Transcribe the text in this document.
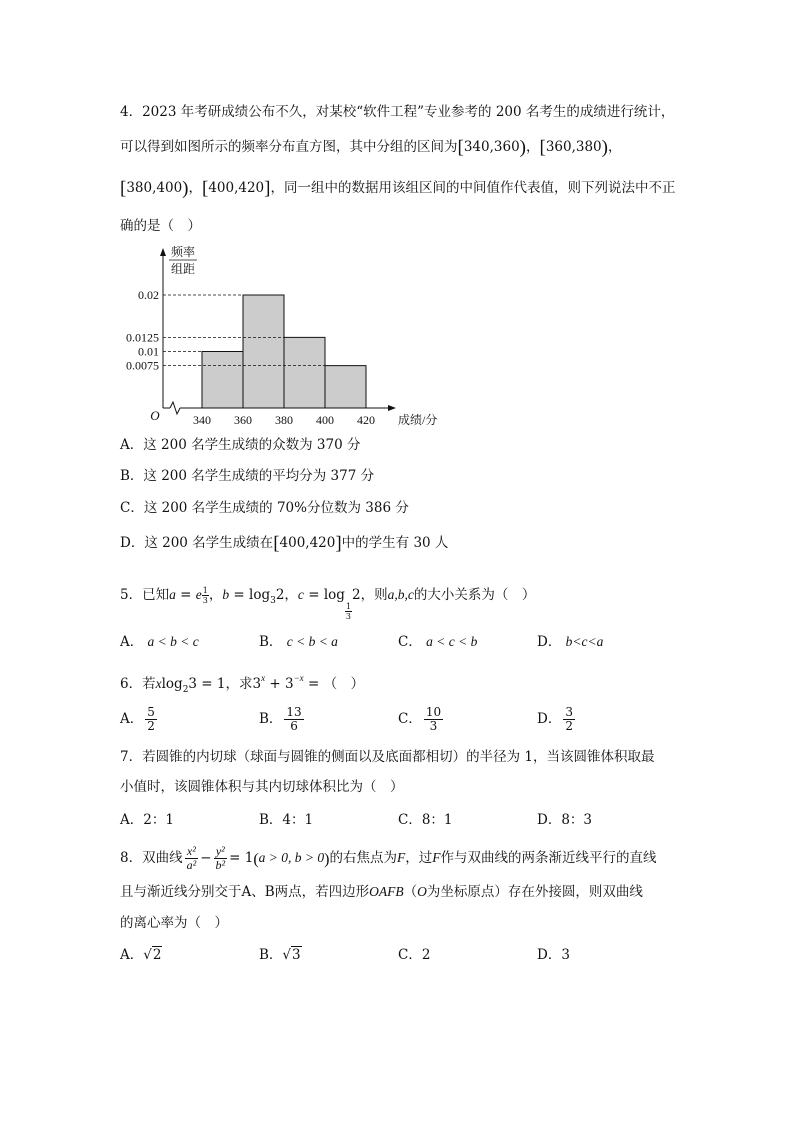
4．2023 年考研成绩公布不久，对某校“软件工程”专业参考的 200 名考生的成绩进行统计，
可以得到如图所示的频率分布直方图，其中分组的区间为[340,360)，[360,380)，
[380,400)，[400,420]，同一组中的数据用该组区间的中间值作代表值，则下列说法中不正
确的是（　）
0.02
0.0125
0.01
0.0075
340 360 380 400 420
O	成绩/分
频率
组距
A．这 200 名学生成绩的众数为 370 分
B．这 200 名学生成绩的平均分为 377 分
C．这 200 名学生成绩的 70%分位数为 386 分
D．这 200 名学生成绩在[400,420]中的学生有 30 人
5．已知a = e $\frac{1}{3}$ ，$b = \log_32$，c = log
$\frac{1}{3}$
2，则a,b,c的大小关系为（　）
A． a < b < c	B． c < b < a	C． a < c < b	D． b<c<a
6．若xlog$_2$3 = 1，求$3^x + 3^{-x}$ = （　）
A． $\frac{5}{2}$	B． $\frac{13}{6}$	C． $\frac{10}{3}$	D． $\frac{3}{2}$
7．若圆锥的内切球（球面与圆锥的侧面以及底面都相切）的半径为 1，当该圆锥体积取最
小值时，该圆锥体积与其内切球体积比为（　）
A．2：1	B．4：1	C．8：1	D．8：3
8．双曲线 $\frac{\text{x²}}{\text{a²}} - \frac{\text{y²}}{\text{b²}} = 1(a > 0$, b > 0)的右焦点为F，过F作与双曲线的两条渐近线平行的直线
且与渐近线分别交于A、B两点，若四边形OAFB（O为坐标原点）存在外接圆，则双曲线
的离心率为（　）
A．√2	B．√3	C．2	D．3
